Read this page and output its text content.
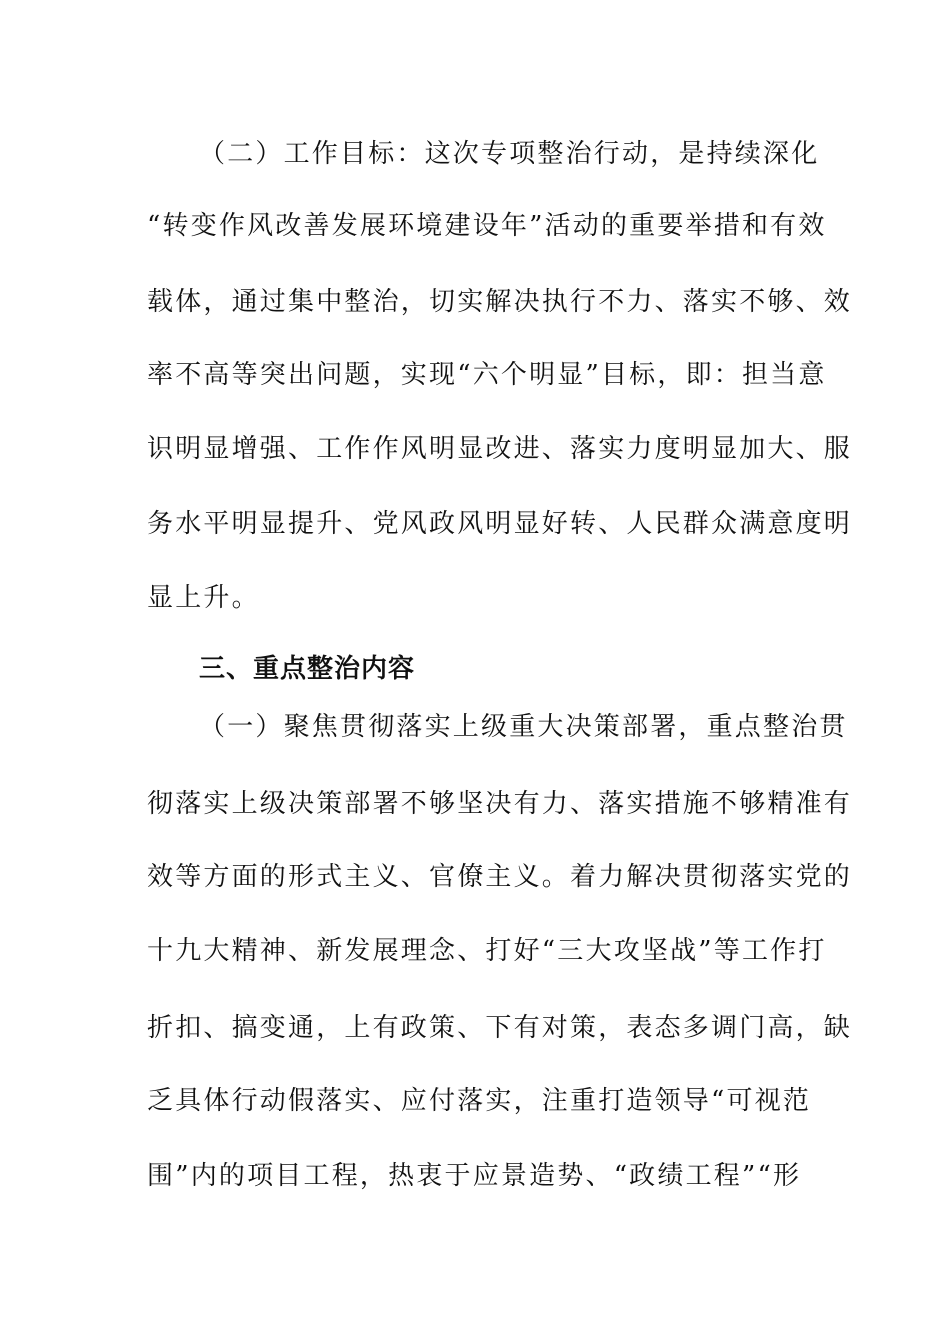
（二）工作目标：这次专项整治行动，是持续深化
“转变作风改善发展环境建设年”活动的重要举措和有效
载体，通过集中整治，切实解决执行不力、落实不够、效
率不高等突出问题，实现“六个明显”目标，即：担当意
识明显增强、工作作风明显改进、落实力度明显加大、服
务水平明显提升、党风政风明显好转、人民群众满意度明
显上升。
三、重点整治内容
（一）聚焦贯彻落实上级重大决策部署，重点整治贯
彻落实上级决策部署不够坚决有力、落实措施不够精准有
效等方面的形式主义、官僚主义。着力解决贯彻落实党的
十九大精神、新发展理念、打好“三大攻坚战”等工作打
折扣、搞变通，上有政策、下有对策，表态多调门高，缺
乏具体行动假落实、应付落实，注重打造领导“可视范
围”内的项目工程，热衷于应景造势、“政绩工程”“形
